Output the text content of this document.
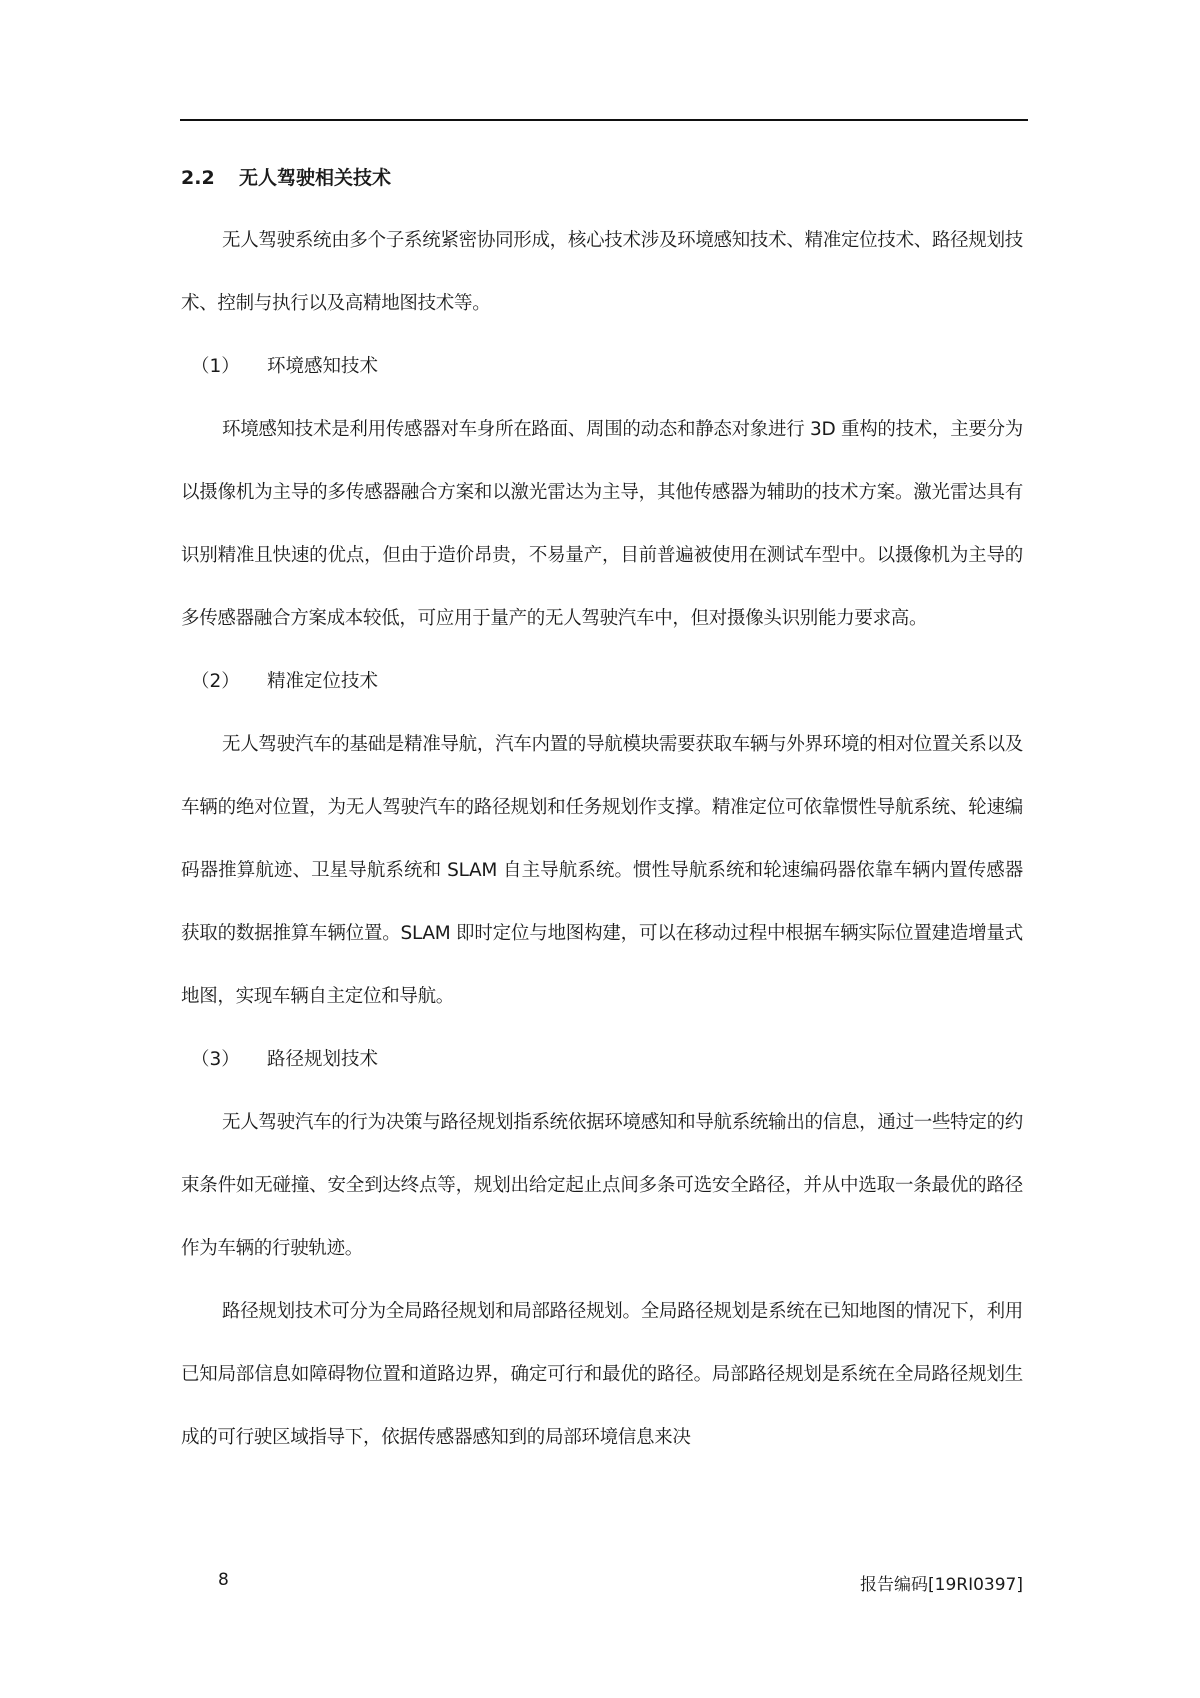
2.2 无人驾驶相关技术

无人驾驶系统由多个子系统紧密协同形成，核心技术涉及环境感知技术、精准定位技术、路径规划技术、控制与执行以及高精地图技术等。

（1） 环境感知技术

环境感知技术是利用传感器对车身所在路面、周围的动态和静态对象进行 3D 重构的技术，主要分为以摄像机为主导的多传感器融合方案和以激光雷达为主导，其他传感器为辅助的技术方案。激光雷达具有识别精准且快速的优点，但由于造价昂贵，不易量产，目前普遍被使用在测试车型中。以摄像机为主导的多传感器融合方案成本较低，可应用于量产的无人驾驶汽车中，但对摄像头识别能力要求高。

（2） 精准定位技术

无人驾驶汽车的基础是精准导航，汽车内置的导航模块需要获取车辆与外界环境的相对位置关系以及车辆的绝对位置，为无人驾驶汽车的路径规划和任务规划作支撑。精准定位可依靠惯性导航系统、轮速编码器推算航迹、卫星导航系统和 SLAM 自主导航系统。惯性导航系统和轮速编码器依靠车辆内置传感器获取的数据推算车辆位置。SLAM 即时定位与地图构建，可以在移动过程中根据车辆实际位置建造增量式地图，实现车辆自主定位和导航。

（3） 路径规划技术

无人驾驶汽车的行为决策与路径规划指系统依据环境感知和导航系统输出的信息，通过一些特定的约束条件如无碰撞、安全到达终点等，规划出给定起止点间多条可选安全路径，并从中选取一条最优的路径作为车辆的行驶轨迹。

路径规划技术可分为全局路径规划和局部路径规划。全局路径规划是系统在已知地图的情况下，利用已知局部信息如障碍物位置和道路边界，确定可行和最优的路径。局部路径规划是系统在全局路径规划生成的可行驶区域指导下，依据传感器感知到的局部环境信息来决

8	报告编码[19RI0397]
